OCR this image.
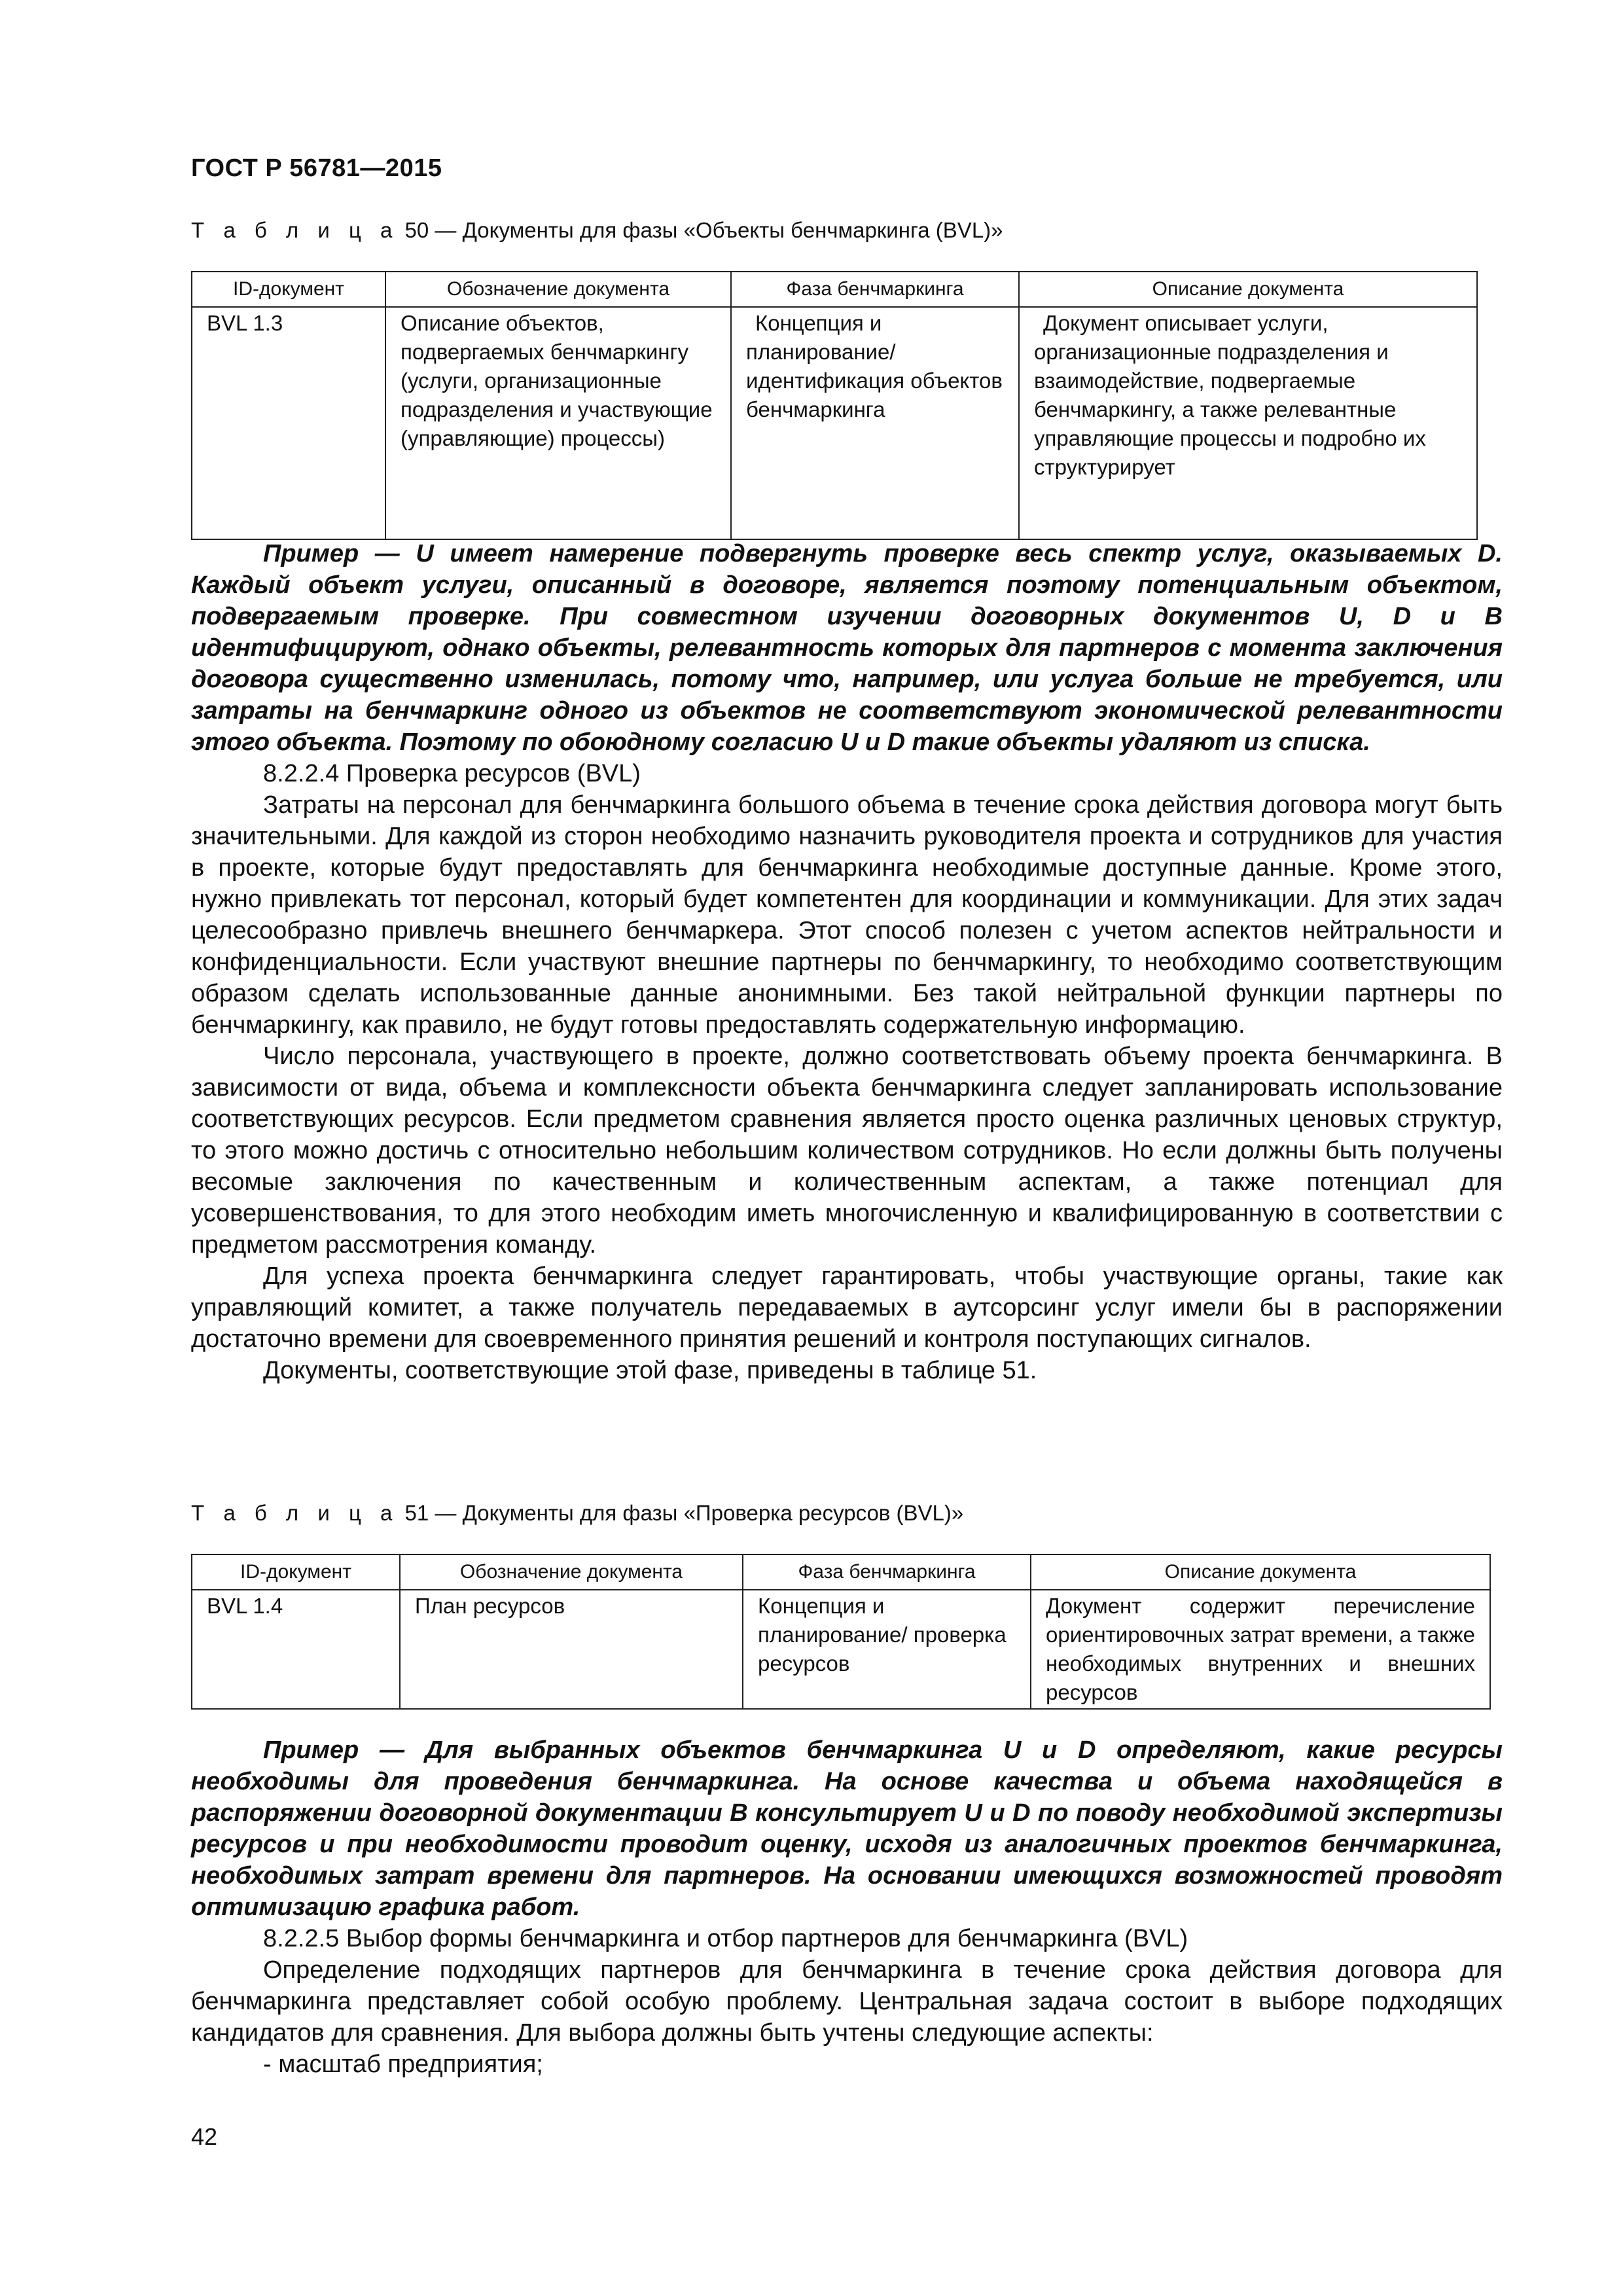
ГОСТ Р 56781—2015
Т а б л и ц а 50 — Документы для фазы «Объекты бенчмаркинга (BVL)»
ID-документ	Обозначение документа	Фаза бенчмаркинга	Описание документа
BVL 1.3	Описание объектов, подвергаемых бенчмаркингу (услуги, организационные подразделения и участвующие (управляющие) процессы)	Концепция и планирование/ идентификация объектов бенчмаркинга	Документ описывает услуги, организационные подразделения и взаимодействие, подвергаемые бенчмаркингу, а также релевантные управляющие процессы и подробно их структурирует

Пример — U имеет намерение подвергнуть проверке весь спектр услуг, оказываемых D. Каждый объект услуги, описанный в договоре, является поэтому потенциальным объектом, подвергаемым проверке. При совместном изучении договорных документов U, D и B идентифицируют, однако объекты, релевантность которых для партнеров с момента заключения договора существенно изменилась, потому что, например, или услуга больше не требуется, или затраты на бенчмаркинг одного из объектов не соответствуют экономической релевантности этого объекта. Поэтому по обоюдному согласию U и D такие объекты удаляют из списка.

8.2.2.4 Проверка ресурсов (BVL)

Затраты на персонал для бенчмаркинга большого объема в течение срока действия договора могут быть значительными. Для каждой из сторон необходимо назначить руководителя проекта и сотрудников для участия в проекте, которые будут предоставлять для бенчмаркинга необходимые доступные данные. Кроме этого, нужно привлекать тот персонал, который будет компетентен для координации и коммуникации. Для этих задач целесообразно привлечь внешнего бенчмаркера. Этот способ полезен с учетом аспектов нейтральности и конфиденциальности. Если участвуют внешние партнеры по бенчмаркингу, то необходимо соответствующим образом сделать использованные данные анонимными. Без такой нейтральной функции партнеры по бенчмаркингу, как правило, не будут готовы предоставлять содержательную информацию.

Число персонала, участвующего в проекте, должно соответствовать объему проекта бенчмаркинга. В зависимости от вида, объема и комплексности объекта бенчмаркинга следует запланировать использование соответствующих ресурсов. Если предметом сравнения является просто оценка различных ценовых структур, то этого можно достичь с относительно небольшим количеством сотрудников. Но если должны быть получены весомые заключения по качественным и количественным аспектам, а также потенциал для усовершенствования, то для этого необходим иметь многочисленную и квалифицированную в соответствии с предметом рассмотрения команду.

Для успеха проекта бенчмаркинга следует гарантировать, чтобы участвующие органы, такие как управляющий комитет, а также получатель передаваемых в аутсорсинг услуг имели бы в распоряжении достаточно времени для своевременного принятия решений и контроля поступающих сигналов.

Документы, соответствующие этой фазе, приведены в таблице 51.

Т а б л и ц а 51 — Документы для фазы «Проверка ресурсов (BVL)»
ID-документ	Обозначение документа	Фаза бенчмаркинга	Описание документа
BVL 1.4	План ресурсов	Концепция и планирование/ проверка ресурсов	Документ содержит перечисление ориентировочных затрат времени, а также необходимых внутренних и внешних ресурсов

Пример — Для выбранных объектов бенчмаркинга U и D определяют, какие ресурсы необходимы для проведения бенчмаркинга. На основе качества и объема находящейся в распоряжении договорной документации B консультирует U и D по поводу необходимой экспертизы ресурсов и при необходимости проводит оценку, исходя из аналогичных проектов бенчмаркинга, необходимых затрат времени для партнеров. На основании имеющихся возможностей проводят оптимизацию графика работ.

8.2.2.5 Выбор формы бенчмаркинга и отбор партнеров для бенчмаркинга (BVL)

Определение подходящих партнеров для бенчмаркинга в течение срока действия договора для бенчмаркинга представляет собой особую проблему. Центральная задача состоит в выборе подходящих кандидатов для сравнения. Для выбора должны быть учтены следующие аспекты:

- масштаб предприятия;

42
